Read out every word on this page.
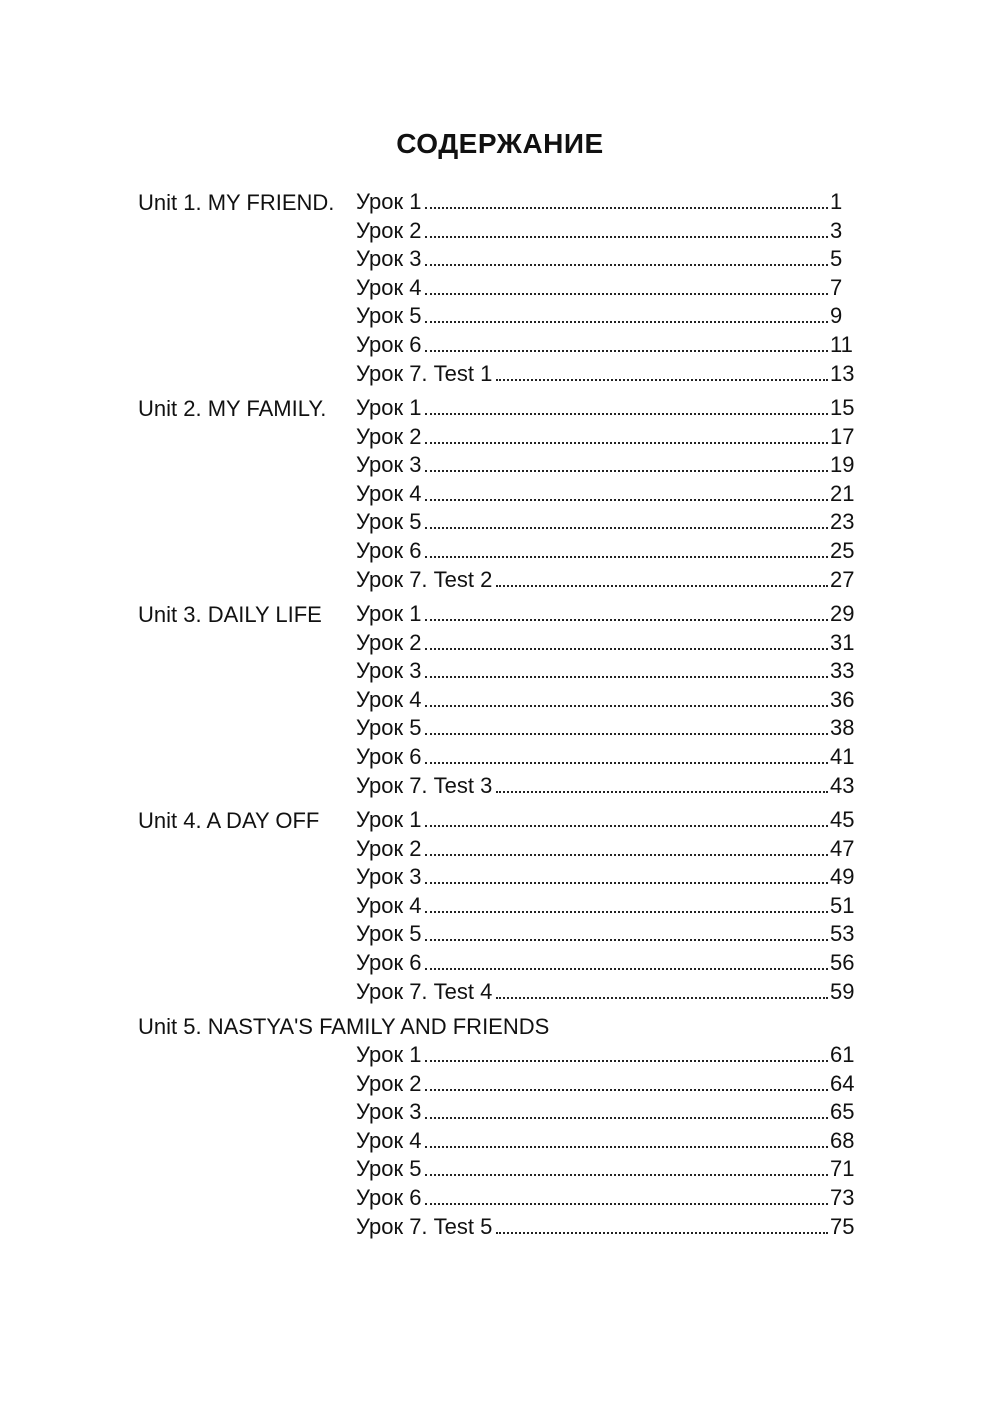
СОДЕРЖАНИЕ
Unit 1. MY FRIEND. Урок 1	1
Урок 2	3
Урок 3	5
Урок 4	7
Урок 5	9
Урок 6	11
Урок 7. Test 1	13
Unit 2. MY FAMILY. Урок 1	15
Урок 2	17
Урок 3	19
Урок 4	21
Урок 5	23
Урок 6	25
Урок 7. Test 2	27
Unit 3. DAILY LIFE Урок 1	29
Урок 2	31
Урок 3	33
Урок 4	36
Урок 5	38
Урок 6	41
Урок 7. Test 3	43
Unit 4. A DAY OFF Урок 1	45
Урок 2	47
Урок 3	49
Урок 4	51
Урок 5	53
Урок 6	56
Урок 7. Test 4	59
Unit 5. NASTYA'S FAMILY AND FRIENDS
Урок 1	61
Урок 2	64
Урок 3	65
Урок 4	68
Урок 5	71
Урок 6	73
Урок 7. Test 5	75
